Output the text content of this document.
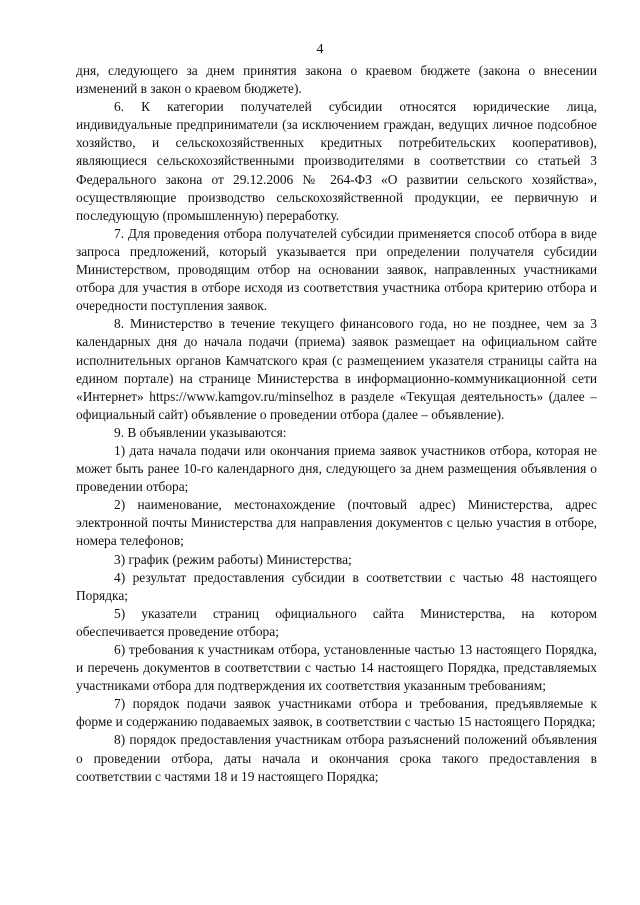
4

дня, следующего за днем принятия закона о краевом бюджете (закона о внесении изменений в закон о краевом бюджете).

6. К категории получателей субсидии относятся юридические лица, индивидуальные предприниматели (за исключением граждан, ведущих личное подсобное хозяйство, и сельскохозяйственных кредитных потребительских кооперативов), являющиеся сельскохозяйственными производителями в соответствии со статьей 3 Федерального закона от 29.12.2006 № 264-ФЗ «О развитии сельского хозяйства», осуществляющие производство сельскохозяйственной продукции, ее первичную и последующую (промышленную) переработку.

7. Для проведения отбора получателей субсидии применяется способ отбора в виде запроса предложений, который указывается при определении получателя субсидии Министерством, проводящим отбор на основании заявок, направленных участниками отбора для участия в отборе исходя из соответствия участника отбора критерию отбора и очередности поступления заявок.

8. Министерство в течение текущего финансового года, но не позднее, чем за 3 календарных дня до начала подачи (приема) заявок размещает на официальном сайте исполнительных органов Камчатского края (с размещением указателя страницы сайта на едином портале) на странице Министерства в информационно-коммуникационной сети «Интернет» https://www.kamgov.ru/minselhoz в разделе «Текущая деятельность» (далее – официальный сайт) объявление о проведении отбора (далее – объявление).

9. В объявлении указываются:

1) дата начала подачи или окончания приема заявок участников отбора, которая не может быть ранее 10-го календарного дня, следующего за днем размещения объявления о проведении отбора;

2) наименование, местонахождение (почтовый адрес) Министерства, адрес электронной почты Министерства для направления документов с целью участия в отборе, номера телефонов;

3) график (режим работы) Министерства;

4) результат предоставления субсидии в соответствии с частью 48 настоящего Порядка;

5) указатели страниц официального сайта Министерства, на котором обеспечивается проведение отбора;

6) требования к участникам отбора, установленные частью 13 настоящего Порядка, и перечень документов в соответствии с частью 14 настоящего Порядка, представляемых участниками отбора для подтверждения их соответствия указанным требованиям;

7) порядок подачи заявок участниками отбора и требования, предъявляемые к форме и содержанию подаваемых заявок, в соответствии с частью 15 настоящего Порядка;

8) порядок предоставления участникам отбора разъяснений положений объявления о проведении отбора, даты начала и окончания срока такого предоставления в соответствии с частями 18 и 19 настоящего Порядка;
